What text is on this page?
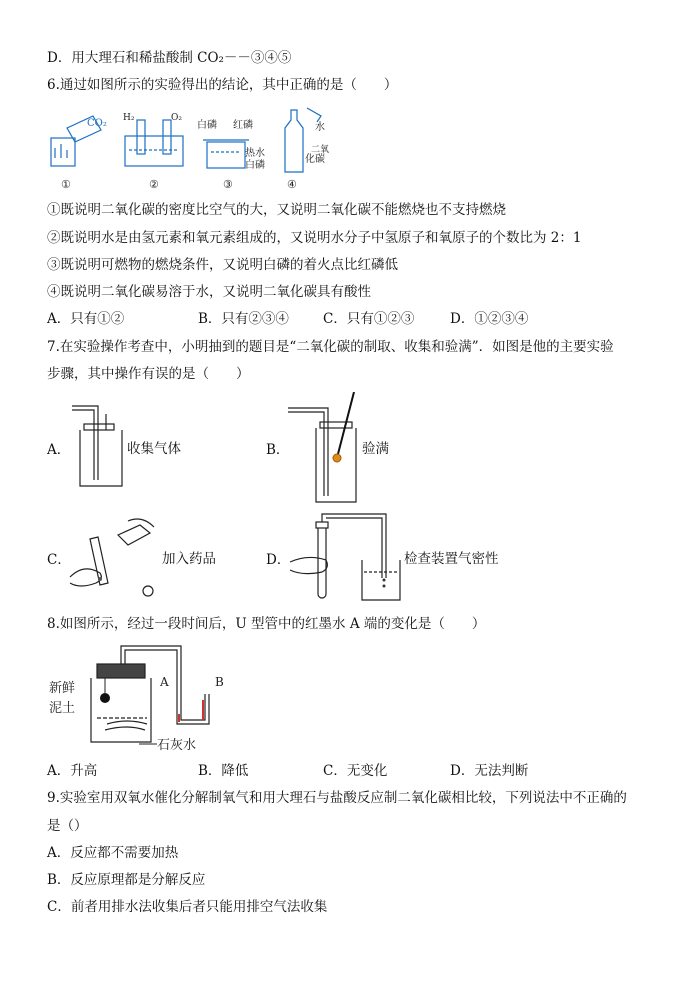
D．用大理石和稀盐酸制 CO₂－－③④⑤
6.通过如图所示的实验得出的结论，其中正确的是（　　）
CO₂
①
H₂	O₂
②
白磷 红磷
热水
白磷
③
水
二氧
化碳
④
①既说明二氧化碳的密度比空气的大，又说明二氧化碳不能燃烧也不支持燃烧
②既说明水是由氢元素和氧元素组成的，又说明水分子中氢原子和氧原子的个数比为 2：1
③既说明可燃物的燃烧条件，又说明白磷的着火点比红磷低
④既说明二氧化碳易溶于水，又说明二氧化碳具有酸性
A．只有①②	B．只有②③④	C．只有①②③	D．①②③④
7.在实验操作考查中，小明抽到的题目是“二氧化碳的制取、收集和验满”．如图是他的主要实验
步骤，其中操作有误的是（　　）
A．	收集气体	B．	验满
C．	加入药品	D．	检查装置气密性
8.如图所示，经过一段时间后，U 型管中的红墨水 A 端的变化是（　　）
A	B
新鲜
泥土
石灰水
A．升高	B．降低	C．无变化	D．无法判断
9.实验室用双氧水催化分解制氧气和用大理石与盐酸反应制二氧化碳相比较，下列说法中不正确的
是（）
A．反应都不需要加热
B．反应原理都是分解反应
C．前者用排水法收集后者只能用排空气法收集
